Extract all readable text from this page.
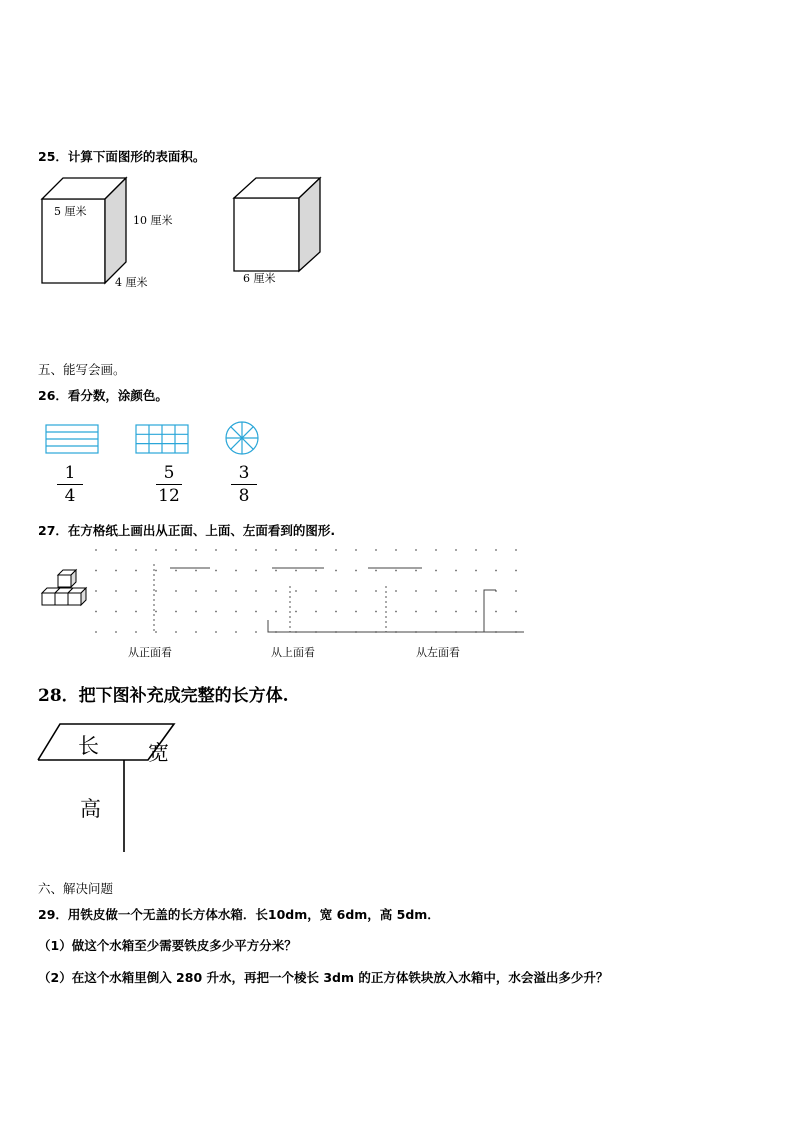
25．计算下面图形的表面积。
5 厘米
10 厘米
4 厘米	6 厘米
五、能写会画。
26．看分数，涂颜色。
1
4
5
12
3
8
27．在方格纸上画出从正面、上面、左面看到的图形.
从正面看	从上面看	从左面看
28．把下图补充成完整的长方体.
长 宽
高
六、解决问题
29．用铁皮做一个无盖的长方体水箱．长10dm，宽 6dm，高 5dm．
（1）做这个水箱至少需要铁皮多少平方分米？
（2）在这个水箱里倒入 280 升水，再把一个棱长 3dm 的正方体铁块放入水箱中，水会溢出多少升？
